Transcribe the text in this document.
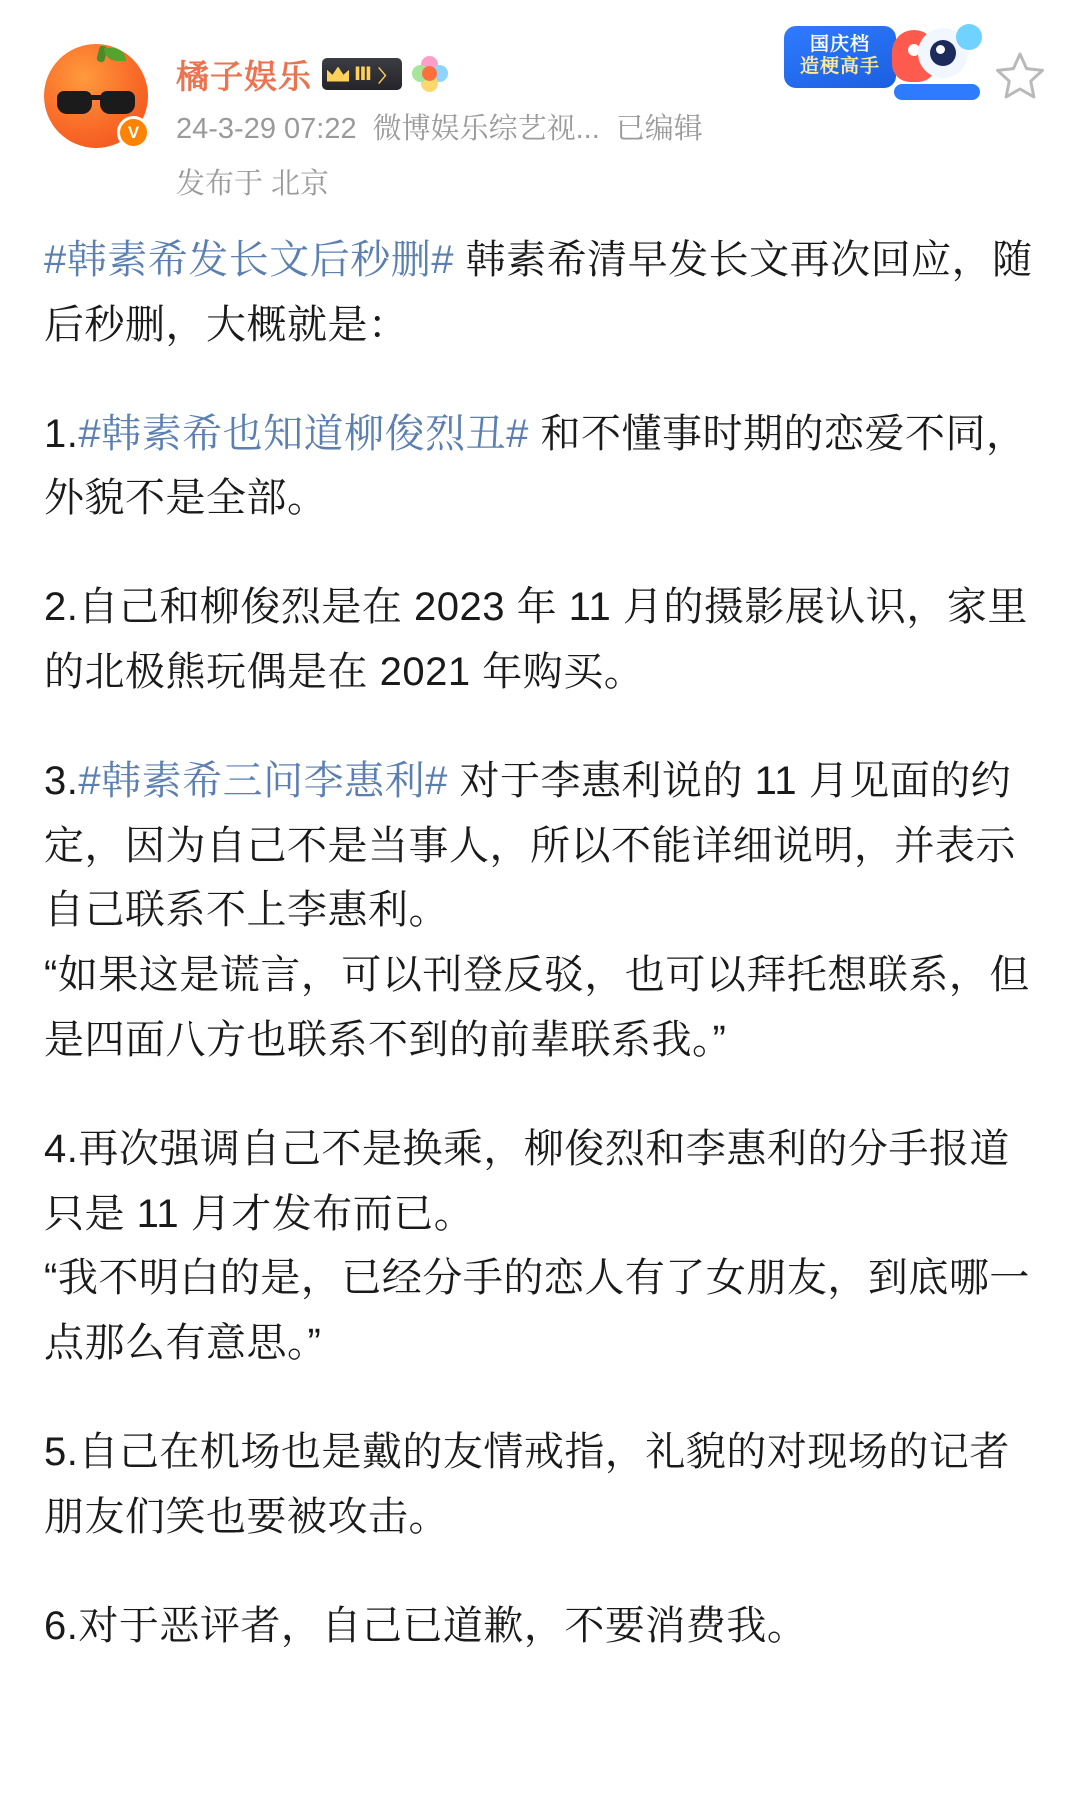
V
橘子娱乐 Ⅲ 〉
24-3-29 07:22 微博娱乐综艺视... 已编辑
发布于 北京
国庆档
造梗高手

#韩素希发长文后秒删# 韩素希清早发长文再次回应，随后秒删，大概就是：

1.#韩素希也知道柳俊烈丑# 和不懂事时期的恋爱不同，外貌不是全部。

2.自己和柳俊烈是在 2023 年 11 月的摄影展认识，家里的北极熊玩偶是在 2021 年购买。

3.#韩素希三问李惠利# 对于李惠利说的 11 月见面的约定，因为自己不是当事人，所以不能详细说明，并表示自己联系不上李惠利。

“如果这是谎言，可以刊登反驳，也可以拜托想联系，但是四面八方也联系不到的前辈联系我。”

4.再次强调自己不是换乘，柳俊烈和李惠利的分手报道只是 11 月才发布而已。

“我不明白的是，已经分手的恋人有了女朋友，到底哪一点那么有意思。”

5.自己在机场也是戴的友情戒指，礼貌的对现场的记者朋友们笑也要被攻击。

6.对于恶评者，自己已道歉，不要消费我。
